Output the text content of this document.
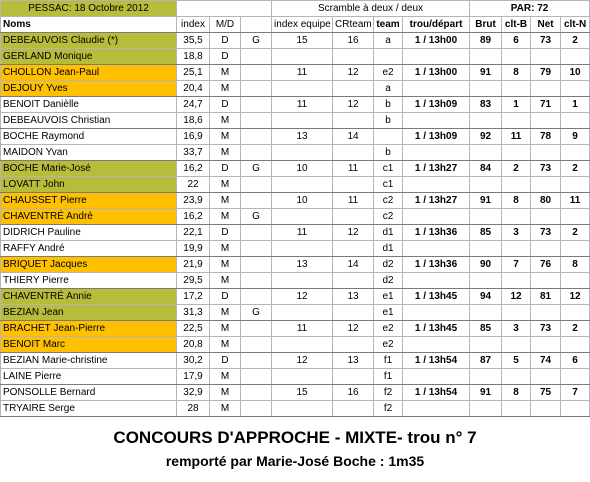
PESSAC: 18 Octobre 2012				Scramble à deux / deux				PAR: 72			
Noms	index	M/D		index equipe	CRteam	team	trou/départ	Brut	clt-B	Net	clt-N
DEBEAUVOIS Claudie (*)	35,5	D	G	15	16	a	1 / 13h00	89	6	73	2
GERLAND Monique	18,8	D									
CHOLLON Jean-Paul	25,1	M		11	12	e2	1 / 13h00	91	8	79	10
DEJOUY Yves	20,4	M				a					
BENOIT Danièlle	24,7	D		11	12	b	1 / 13h09	83	1	71	1
DEBEAUVOIS Christian	18,6	M				b					
BOCHE Raymond	16,9	M		13	14		1 / 13h09	92	11	78	9
MAIDON Yvan	33,7	M				b					
BOCHE Marie-José	16,2	D	G	10	11	c1	1 / 13h27	84	2	73	2
LOVATT John	22	M				c1					
CHAUSSET Pierre	23,9	M		10	11	c2	1 / 13h27	91	8	80	11
CHAVENTRÉ André	16,2	M	G			c2					
DIDRICH Pauline	22,1	D		11	12	d1	1 / 13h36	85	3	73	2
RAFFY André	19,9	M				d1					
BRIQUET Jacques	21,9	M		13	14	d2	1 / 13h36	90	7	76	8
THIERY Pierre	29,5	M				d2					
CHAVENTRÉ Annie	17,2	D		12	13	e1	1 / 13h45	94	12	81	12
BEZIAN Jean	31,3	M	G			e1					
BRACHET Jean-Pierre	22,5	M		11	12	e2	1 / 13h45	85	3	73	2
BENOIT Marc	20,8	M				e2					
BEZIAN Marie-christine	30,2	D		12	13	f1	1 / 13h54	87	5	74	6
LAINE Pierre	17,9	M				f1					
PONSOLLE Bernard	32,9	M		15	16	f2	1 / 13h54	91	8	75	7
TRYAIRE Serge	28	M				f2					
CONCOURS D'APPROCHE - MIXTE- trou n° 7
remporté par Marie-José Boche : 1m35
